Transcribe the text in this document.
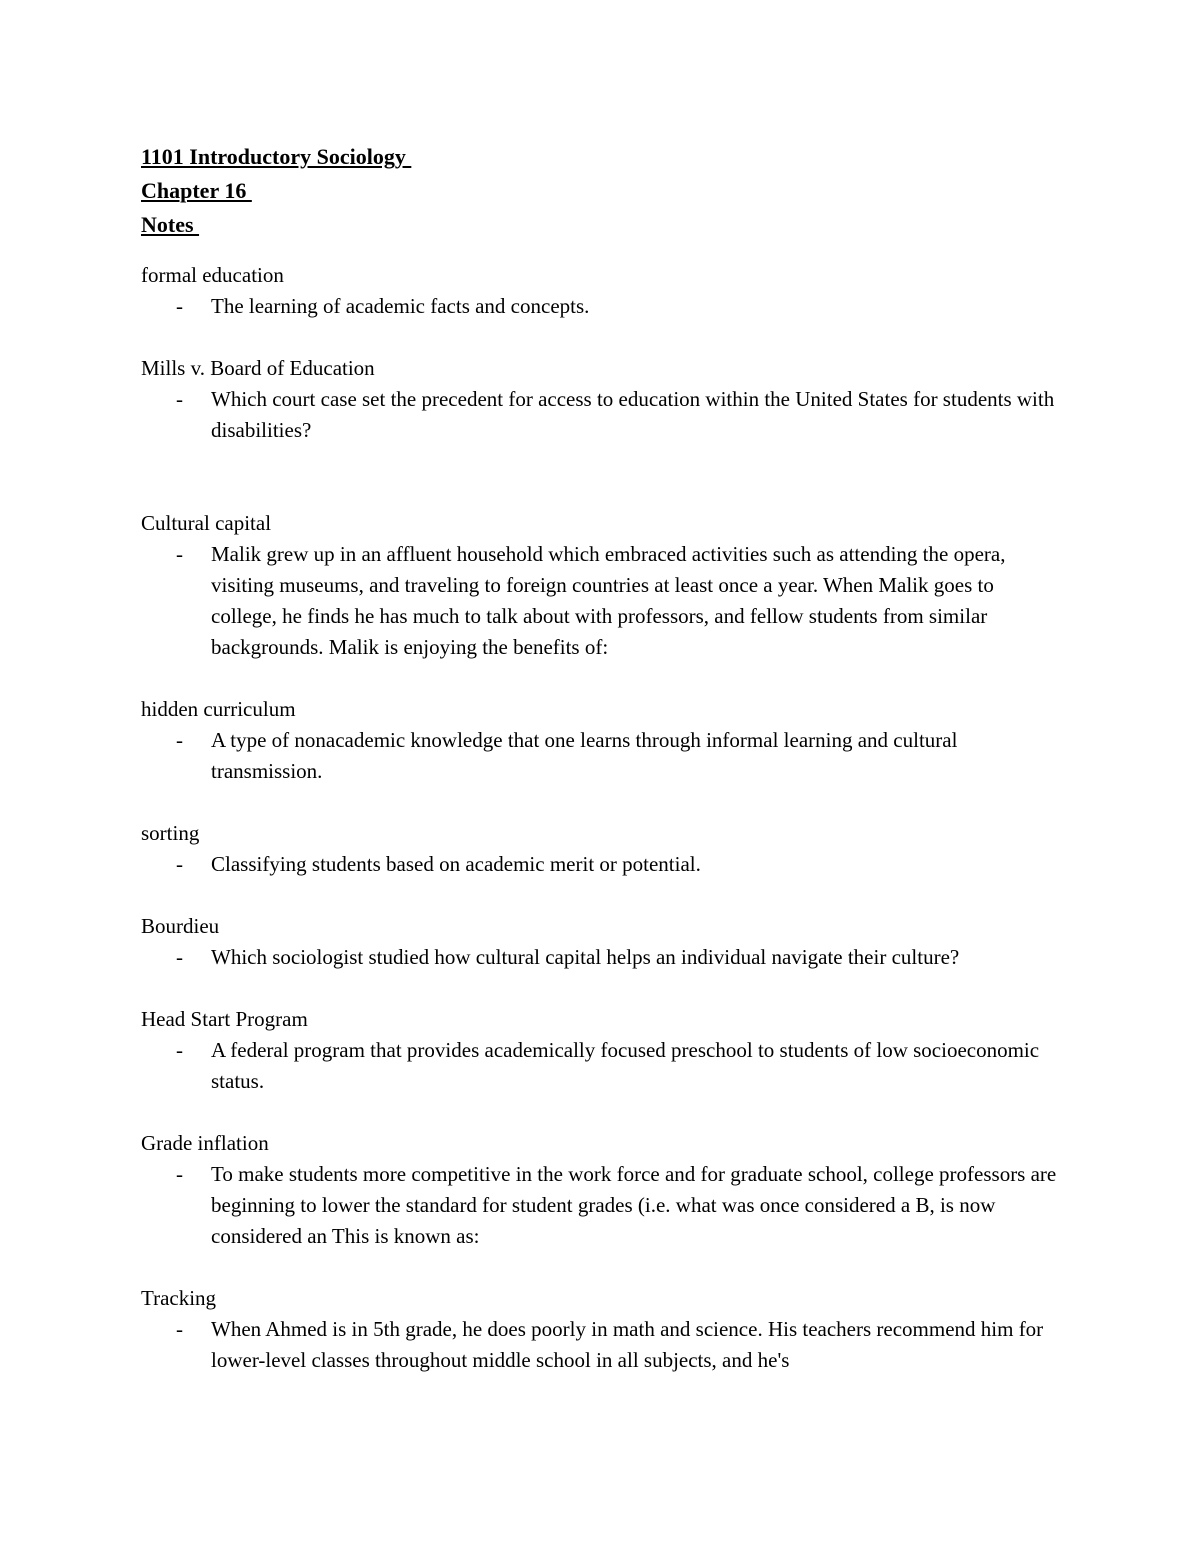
1101 Introductory Sociology
Chapter 16
Notes
formal education
- The learning of academic facts and concepts.
Mills v. Board of Education
- Which court case set the precedent for access to education within the United States for students with disabilities?
Cultural capital
- Malik grew up in an affluent household which embraced activities such as attending the opera, visiting museums, and traveling to foreign countries at least once a year. When Malik goes to college, he finds he has much to talk about with professors, and fellow students from similar backgrounds. Malik is enjoying the benefits of:
hidden curriculum
- A type of nonacademic knowledge that one learns through informal learning and cultural transmission.
sorting
- Classifying students based on academic merit or potential.
Bourdieu
- Which sociologist studied how cultural capital helps an individual navigate their culture?
Head Start Program
- A federal program that provides academically focused preschool to students of low socioeconomic status.
Grade inflation
- To make students more competitive in the work force and for graduate school, college professors are beginning to lower the standard for student grades (i.e. what was once considered a B, is now considered an This is known as:
Tracking
- When Ahmed is in 5th grade, he does poorly in math and science. His teachers recommend him for lower-level classes throughout middle school in all subjects, and he's
